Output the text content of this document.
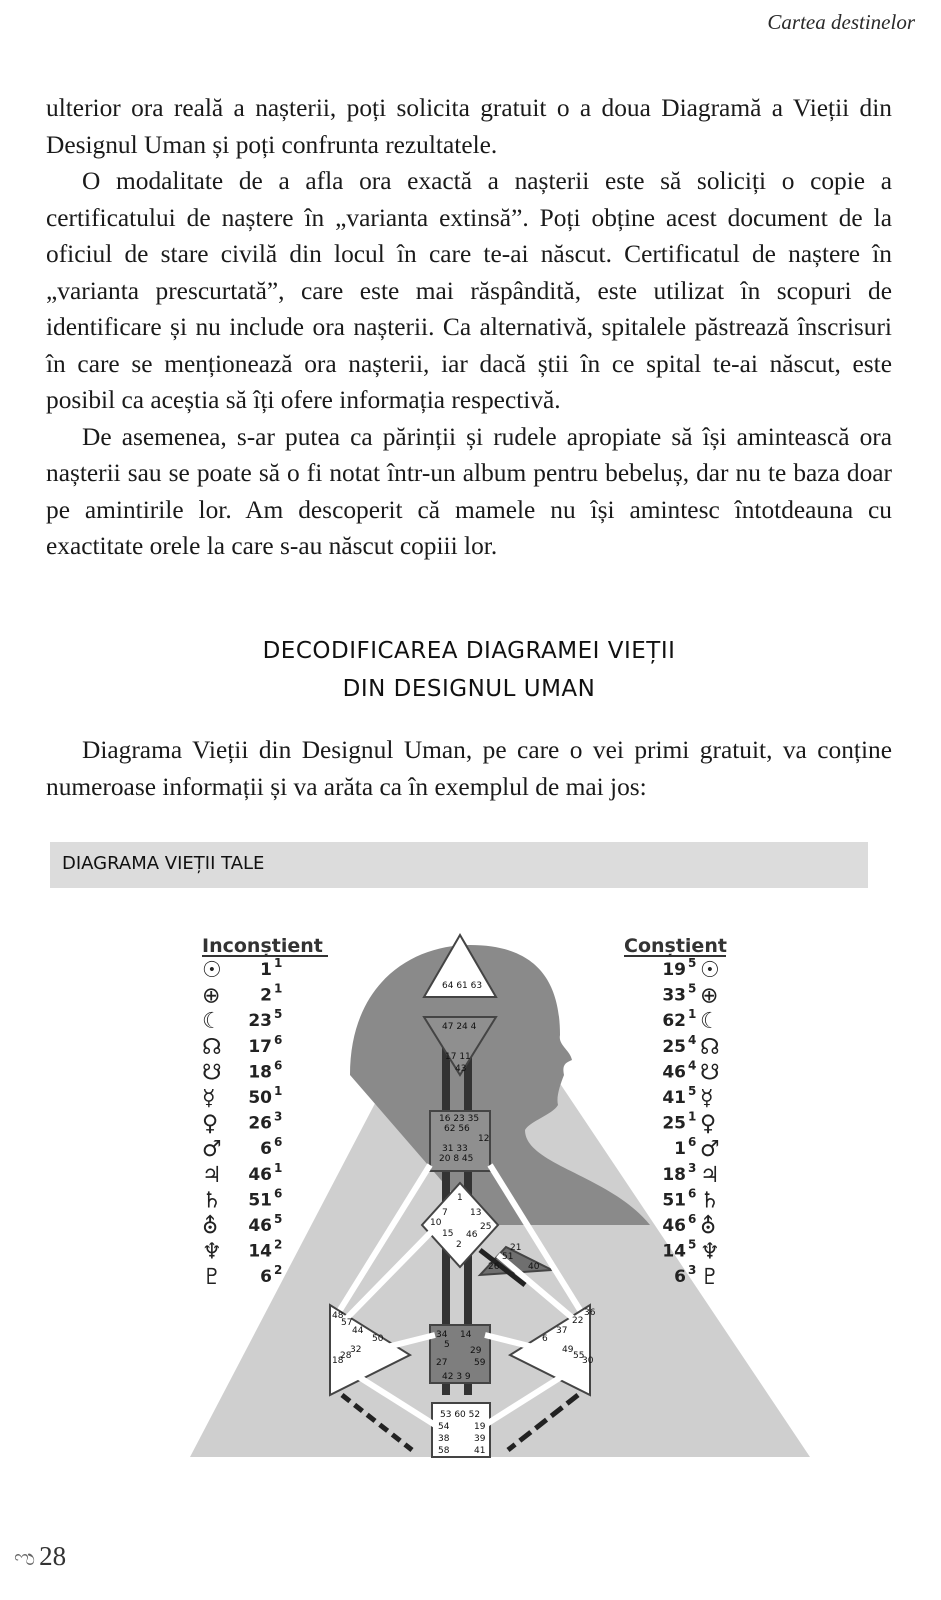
Cartea destinelor

ulterior ora reală a nașterii, poți solicita gratuit o a doua Diagramă a Vieții din Designul Uman și poți confrunta rezultatele.

O modalitate de a afla ora exactă a nașterii este să soliciți o copie a certificatului de naștere în „varianta extinsă”. Poți obține acest document de la oficiul de stare civilă din locul în care te-ai născut. Certificatul de naștere în „varianta prescurtată”, care este mai răspândită, este utilizat în scopuri de identificare și nu include ora nașterii. Ca alternativă, spitalele păstrează înscrisuri în care se menționează ora nașterii, iar dacă știi în ce spital te-ai născut, este posibil ca aceștia să îți ofere informația respectivă.

De asemenea, s-ar putea ca părinții și rudele apropiate să își amintească ora nașterii sau se poate să o fi notat într-un album pentru bebeluș, dar nu te baza doar pe amintirile lor. Am descoperit că mamele nu își amintesc întotdeauna cu exactitate orele la care s-au născut copiii lor.

DECODIFICAREA DIAGRAMEI VIEȚII
DIN DESIGNUL UMAN
Diagrama Vieții din Designul Uman, pe care o vei primi gratuit, va conține numeroase informații și va arăta ca în exemplul de mai jos:
DIAGRAMA VIEȚII TALE
Inconștient	Conștient
☉ 1 1
⊕ 2 1
☾ 23 5
☊ 17 6
☋ 18 6
☿ 50 1
♀ 26 3
♂ 6 6
♃ 46 1
♄ 51 6
⛢ 46 5
♆ 14 2
♇ 6 2
19 5 ☉
33 5 ⊕
62 1 ☾
25 4 ☊
46 4 ☋
41 5 ☿
25 1 ♀
1 6 ♂
18 3 ♃
51 6 ♄
46 6 ⛢
14 5 ♆
6 3 ♇
64 61 63
47 24 4
17 11
43
16 23 35
62 56
12
31 33
20 8 45
1
7 13
10
15 46
25
2	21
51
26	40
48
57
44
50
32
28
18
36
22
37
6
49
55
30
34
5
29
14
27	59
42 3 9
53 60 52
54	19
38	39
58	41
ಌ 28
